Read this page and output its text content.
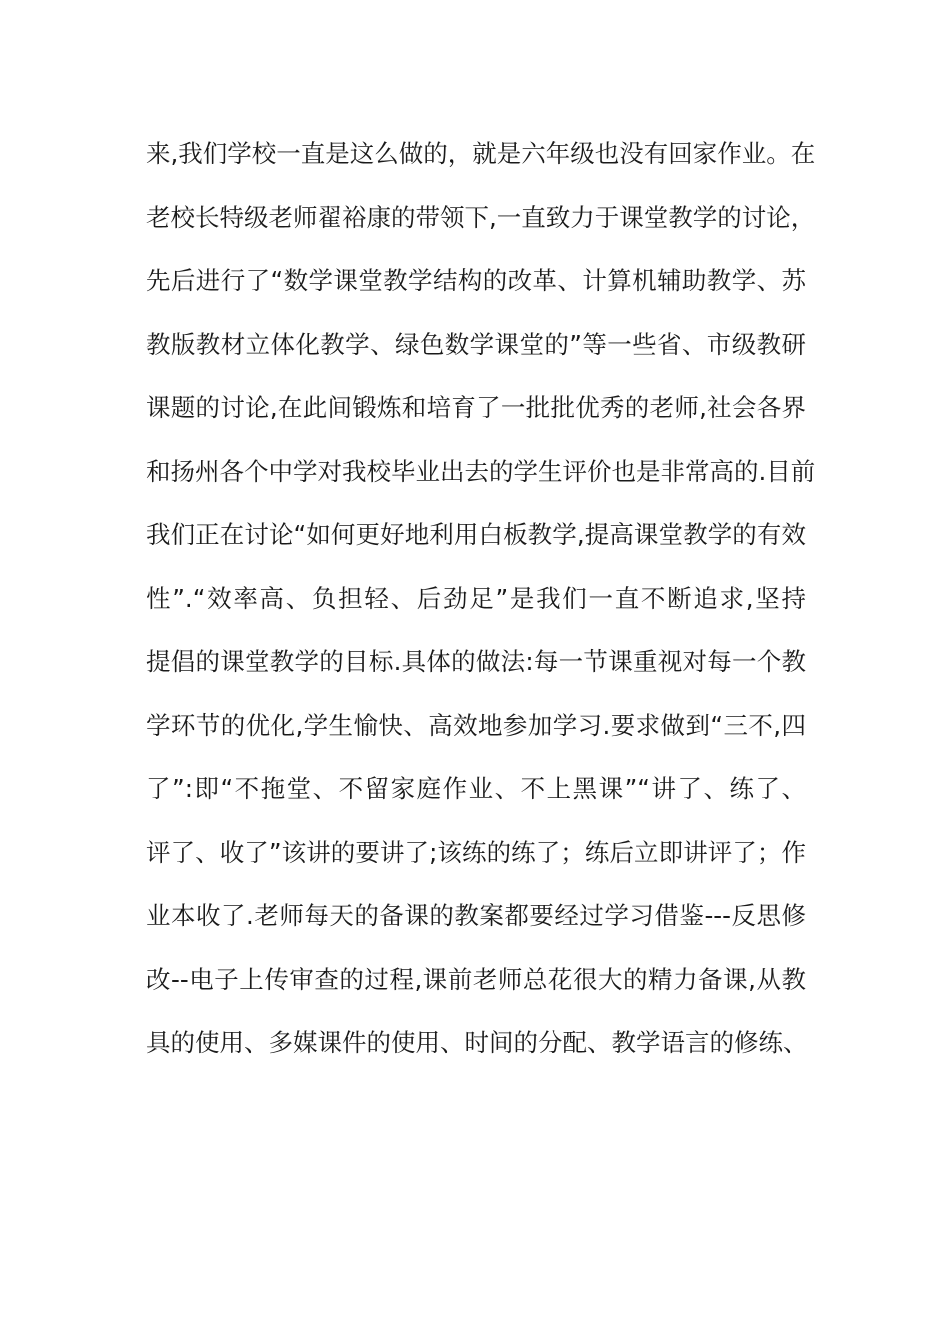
来,我们学校一直是这么做的，就是六年级也没有回家作业。在
老校长特级老师翟裕康的带领下,一直致力于课堂教学的讨论，
先后进行了“数学课堂教学结构的改革、计算机辅助教学、苏
教版教材立体化教学、绿色数学课堂的”等一些省、市级教研
课题的讨论,在此间锻炼和培育了一批批优秀的老师,社会各界
和扬州各个中学对我校毕业出去的学生评价也是非常高的.目前
我们正在讨论“如何更好地利用白板教学,提高课堂教学的有效
性”.“效率高、负担轻、后劲足”是我们一直不断追求,坚持
提倡的课堂教学的目标.具体的做法:每一节课重视对每一个教
学环节的优化,学生愉快、高效地参加学习.要求做到“三不,四
了”:即“不拖堂、不留家庭作业、不上黑课”“讲了、练了、
评了、收了”该讲的要讲了;该练的练了；练后立即讲评了；作
业本收了.老师每天的备课的教案都要经过学习借鉴---反思修
改--电子上传审查的过程,课前老师总花很大的精力备课,从教
具的使用、多媒课件的使用、时间的分配、教学语言的修练、
